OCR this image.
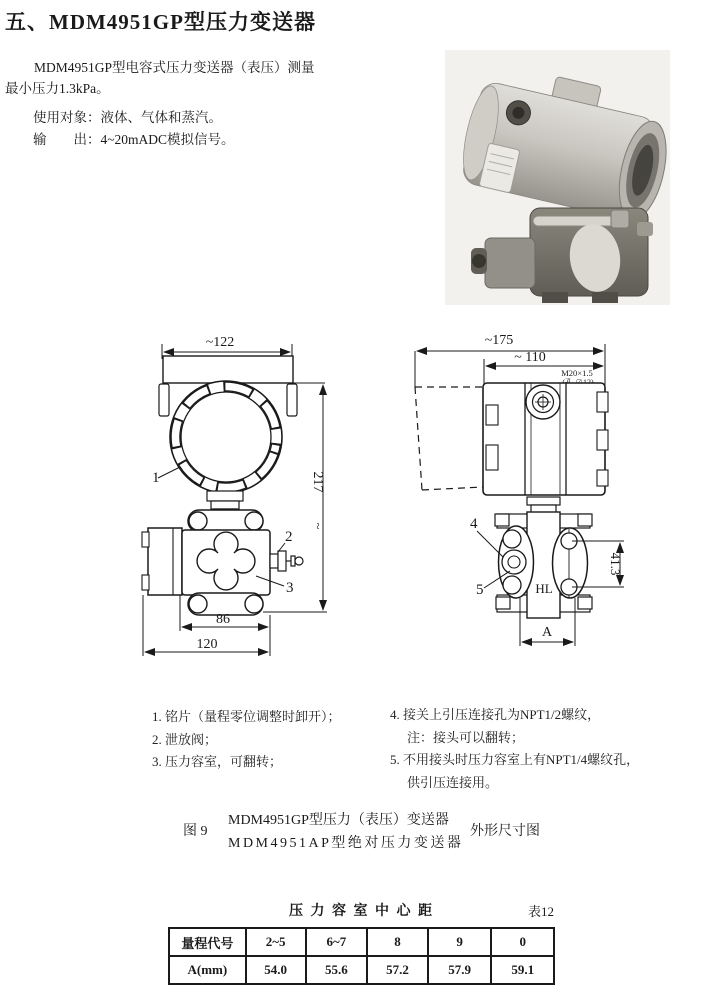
五、MDM4951GP型压力变送器
MDM4951GP型电容式压力变送器（表压）测量
最小压力1.3kPa。
使用对象：液体、气体和蒸汽。
输　　出：4~20mADC模拟信号。
~122
1
2
3
217
~
86
120
~175
~ 110
M20×1.5
HL
4
5
41.3
A
1. 铭片（量程零位调整时卸开）；
2. 泄放阀；
3. 压力容室，可翻转；
4. 接关上引压连接孔为NPT1/2螺纹，
注：接头可以翻转；
5. 不用接头时压力容室上有NPT1/4螺纹孔，
供引压连接用。
图 9
MDM4951GP型压力（表压）变送器
MDM4951AP型绝对压力变送器
外形尺寸图
压 力 容 室 中 心 距	表12
量程代号	2~5	6~7	8	9	0
A(mm)	54.0	55.6	57.2	57.9	59.1
